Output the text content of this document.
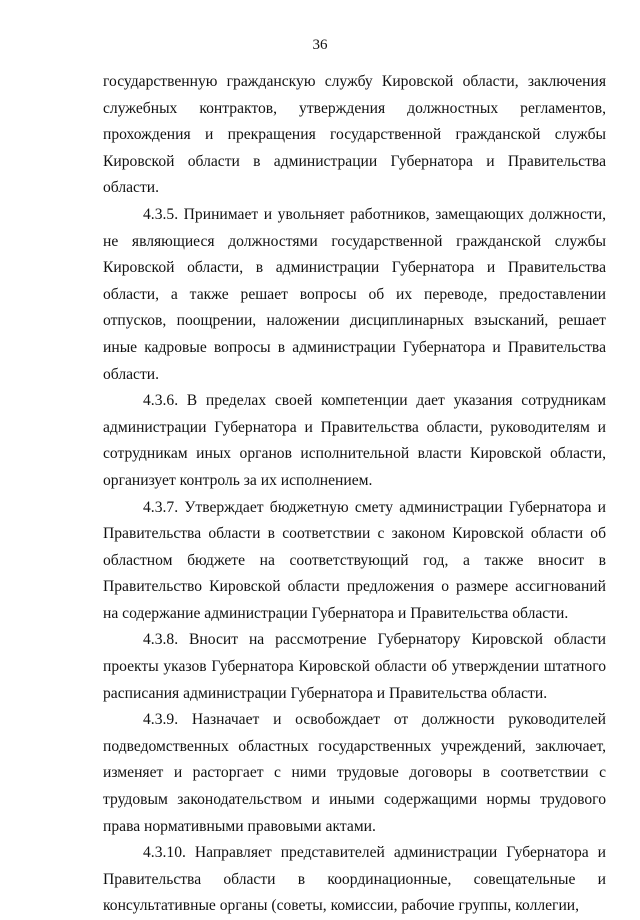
36

государственную гражданскую службу Кировской области, заключения служебных контрактов, утверждения должностных регламентов, прохождения и прекращения государственной гражданской службы Кировской области в администрации Губернатора и Правительства области.

4.3.5. Принимает и увольняет работников, замещающих должности, не являющиеся должностями государственной гражданской службы Кировской области, в администрации Губернатора и Правительства области, а также решает вопросы об их переводе, предоставлении отпусков, поощрении, наложении дисциплинарных взысканий, решает иные кадровые вопросы в администрации Губернатора и Правительства области.

4.3.6. В пределах своей компетенции дает указания сотрудникам администрации Губернатора и Правительства области, руководителям и сотрудникам иных органов исполнительной власти Кировской области, организует контроль за их исполнением.

4.3.7. Утверждает бюджетную смету администрации Губернатора и Правительства области в соответствии с законом Кировской области об областном бюджете на соответствующий год, а также вносит в Правительство Кировской области предложения о размере ассигнований на содержание администрации Губернатора и Правительства области.

4.3.8. Вносит на рассмотрение Губернатору Кировской области проекты указов Губернатора Кировской области об утверждении штатного расписания администрации Губернатора и Правительства области.

4.3.9. Назначает и освобождает от должности руководителей подведомственных областных государственных учреждений, заключает, изменяет и расторгает с ними трудовые договоры в соответствии с трудовым законодательством и иными содержащими нормы трудового права нормативными правовыми актами.

4.3.10. Направляет представителей администрации Губернатора и Правительства области в координационные, совещательные и консультативные органы (советы, комиссии, рабочие группы, коллегии,
